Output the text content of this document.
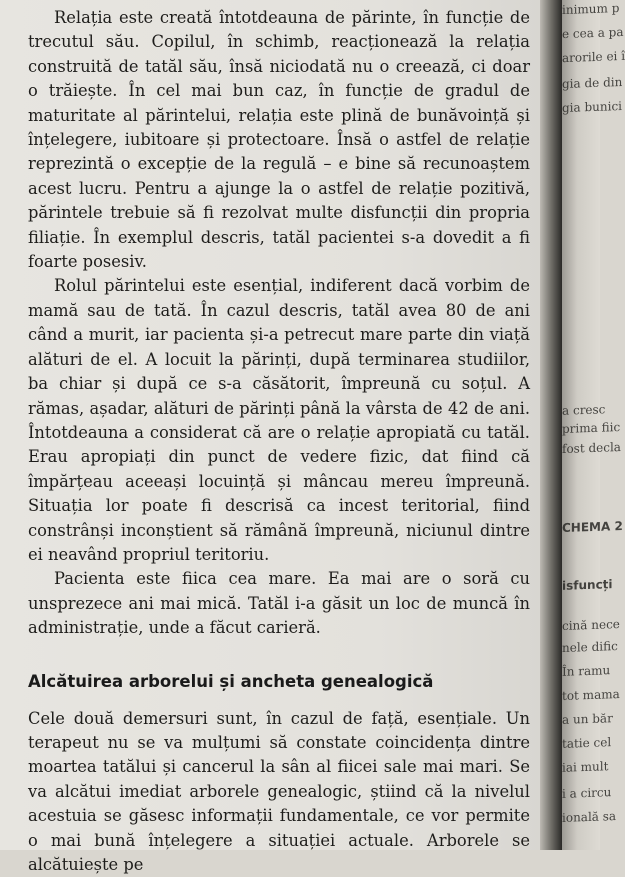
Relația este creată întotdeauna de părinte, în funcție de trecutul său. Copilul, în schimb, reacționează la relația construită de tatăl său, însă niciodată nu o creează, ci doar o trăiește. În cel mai bun caz, în funcție de gradul de maturitate al părintelui, relația este plină de bunăvoință și înțelegere, iubitoare și protectoare. Însă o astfel de relație reprezintă o excepție de la regulă – e bine să recunoaștem acest lucru. Pentru a ajunge la o astfel de relație pozitivă, părintele trebuie să fi rezolvat multe disfuncții din propria filiație. În exemplul descris, tatăl pacientei s-a dovedit a fi foarte posesiv.

Rolul părintelui este esențial, indiferent dacă vorbim de mamă sau de tată. În cazul descris, tatăl avea 80 de ani când a murit, iar pacienta și-a petrecut mare parte din viață alături de el. A locuit la părinți, după terminarea studiilor, ba chiar și după ce s-a căsătorit, împreună cu soțul. A rămas, așadar, alături de părinți până la vârsta de 42 de ani. Întotdeauna a considerat că are o relație apropiată cu tatăl. Erau apropiați din punct de vedere fizic, dat fiind că împărțeau aceeași locuință și mâncau mereu împreună. Situația lor poate fi descrisă ca incest teritorial, fiind constrânși inconștient să rămână împreună, niciunul dintre ei neavând propriul teritoriu.

Pacienta este fiica cea mare. Ea mai are o soră cu unsprezece ani mai mică. Tatăl i-a găsit un loc de muncă în administrație, unde a făcut carieră.

Alcătuirea arborelui și ancheta genealogică

Cele două demersuri sunt, în cazul de față, esențiale. Un terapeut nu se va mulțumi să constate coincidența dintre moartea tatălui și cancerul la sân al fiicei sale mai mari. Se va alcătui imediat arborele genealogic, știind că la nivelul acestuia se găsesc informații fundamentale, ce vor permite o mai bună înțelegere a situației actuale. Arborele se alcătuiește pe

inimum p
e cea a pa
arorile ei î
gia de din
gia bunici
a cresc
prima fiic
fost decla
CHEMA 2
isfuncți
cină nece
nele dific
În ramu
tot mama
a un băr
tatie cel
iai mult
i a circu
ională sa
